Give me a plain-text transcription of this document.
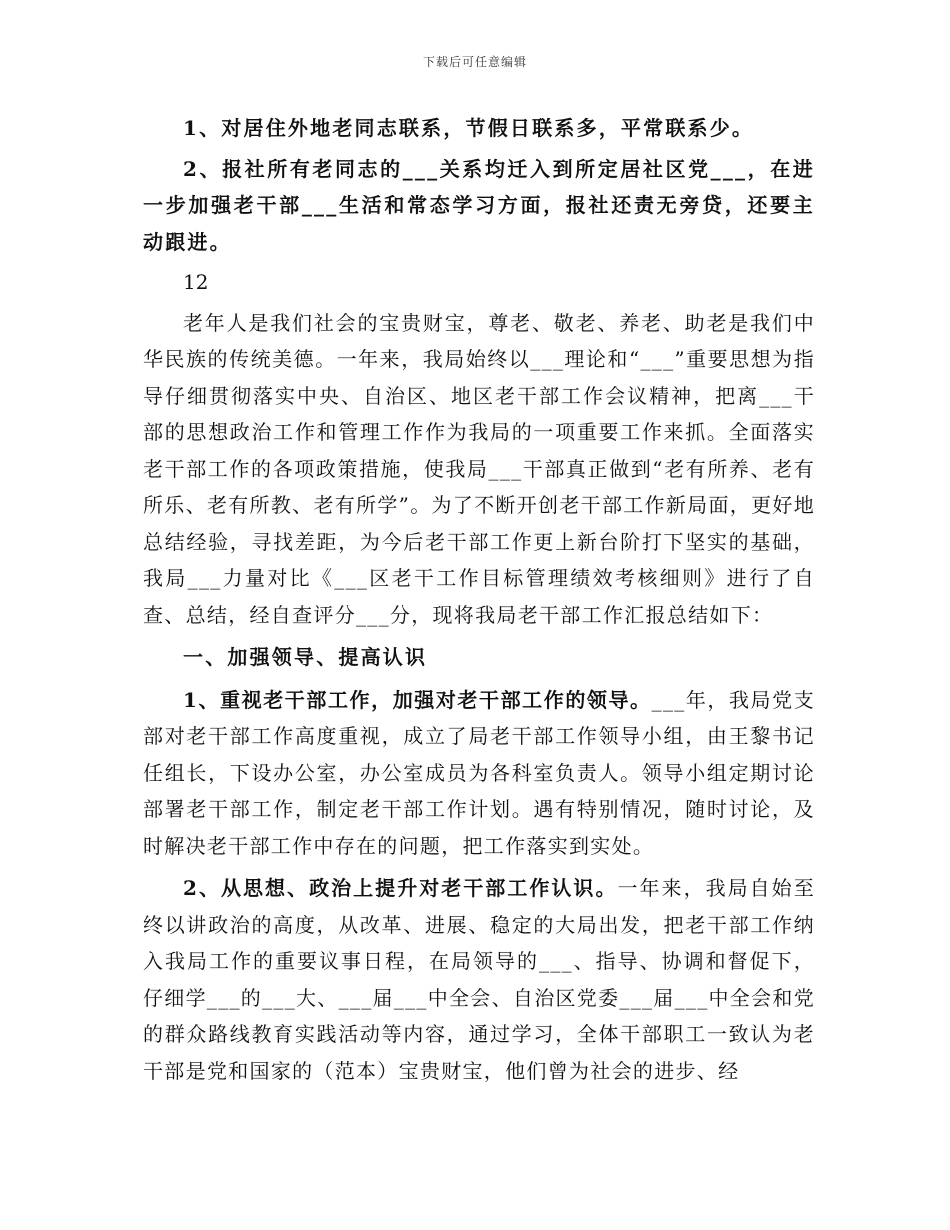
下载后可任意编辑

1、对居住外地老同志联系，节假日联系多，平常联系少。

2、报社所有老同志的___关系均迁入到所定居社区党___，在进一步加强老干部___生活和常态学习方面，报社还责无旁贷，还要主动跟进。

12

老年人是我们社会的宝贵财宝，尊老、敬老、养老、助老是我们中华民族的传统美德。一年来，我局始终以___理论和“___”重要思想为指导仔细贯彻落实中央、自治区、地区老干部工作会议精神，把离___干部的思想政治工作和管理工作作为我局的一项重要工作来抓。全面落实老干部工作的各项政策措施，使我局___干部真正做到“老有所养、老有所乐、老有所教、老有所学”。为了不断开创老干部工作新局面，更好地总结经验，寻找差距，为今后老干部工作更上新台阶打下坚实的基础，我局___力量对比《___区老干工作目标管理绩效考核细则》进行了自查、总结，经自查评分___分，现将我局老干部工作汇报总结如下：

一、加强领导、提高认识

1、重视老干部工作，加强对老干部工作的领导。___年，我局党支部对老干部工作高度重视，成立了局老干部工作领导小组，由王黎书记任组长，下设办公室，办公室成员为各科室负责人。领导小组定期讨论部署老干部工作，制定老干部工作计划。遇有特别情况，随时讨论，及时解决老干部工作中存在的问题，把工作落实到实处。

2、从思想、政治上提升对老干部工作认识。一年来，我局自始至终以讲政治的高度，从改革、进展、稳定的大局出发，把老干部工作纳入我局工作的重要议事日程，在局领导的___、指导、协调和督促下，仔细学___的___大、___届___中全会、自治区党委___届___中全会和党的群众路线教育实践活动等内容，通过学习，全体干部职工一致认为老干部是党和国家的（范本）宝贵财宝，他们曾为社会的进步、经
